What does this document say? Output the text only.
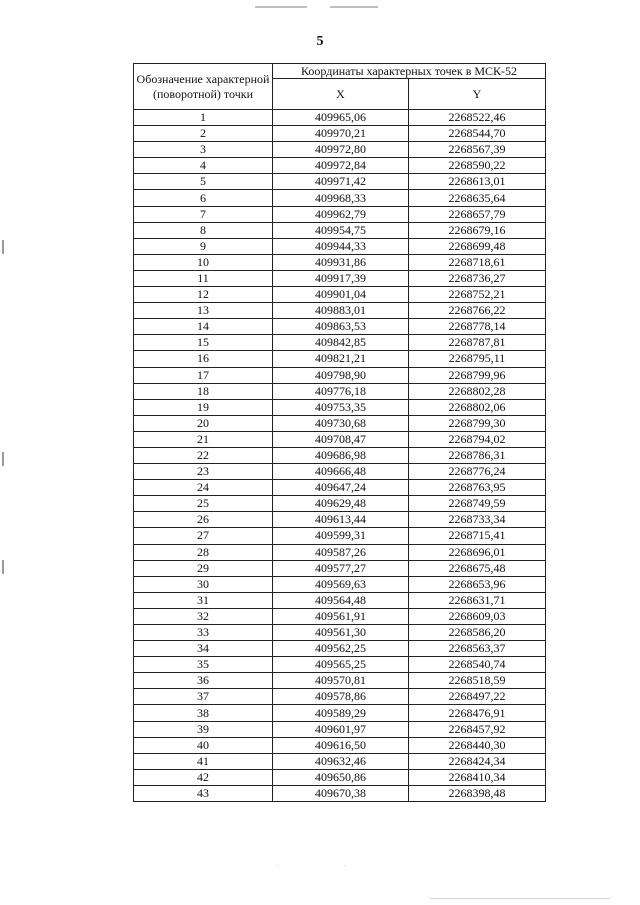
5
Обозначение характерной (поворотной) точки	Координаты характерных точек в МСК-52	
	X	Y
1	409965,06	2268522,46
2	409970,21	2268544,70
3	409972,80	2268567,39
4	409972,84	2268590,22
5	409971,42	2268613,01
6	409968,33	2268635,64
7	409962,79	2268657,79
8	409954,75	2268679,16
9	409944,33	2268699,48
10	409931,86	2268718,61
11	409917,39	2268736,27
12	409901,04	2268752,21
13	409883,01	2268766,22
14	409863,53	2268778,14
15	409842,85	2268787,81
16	409821,21	2268795,11
17	409798,90	2268799,96
18	409776,18	2268802,28
19	409753,35	2268802,06
20	409730,68	2268799,30
21	409708,47	2268794,02
22	409686,98	2268786,31
23	409666,48	2268776,24
24	409647,24	2268763,95
25	409629,48	2268749,59
26	409613,44	2268733,34
27	409599,31	2268715,41
28	409587,26	2268696,01
29	409577,27	2268675,48
30	409569,63	2268653,96
31	409564,48	2268631,71
32	409561,91	2268609,03
33	409561,30	2268586,20
34	409562,25	2268563,37
35	409565,25	2268540,74
36	409570,81	2268518,59
37	409578,86	2268497,22
38	409589,29	2268476,91
39	409601,97	2268457,92
40	409616,50	2268440,30
41	409632,46	2268424,34
42	409650,86	2268410,34
43	409670,38	2268398,48
·	·
